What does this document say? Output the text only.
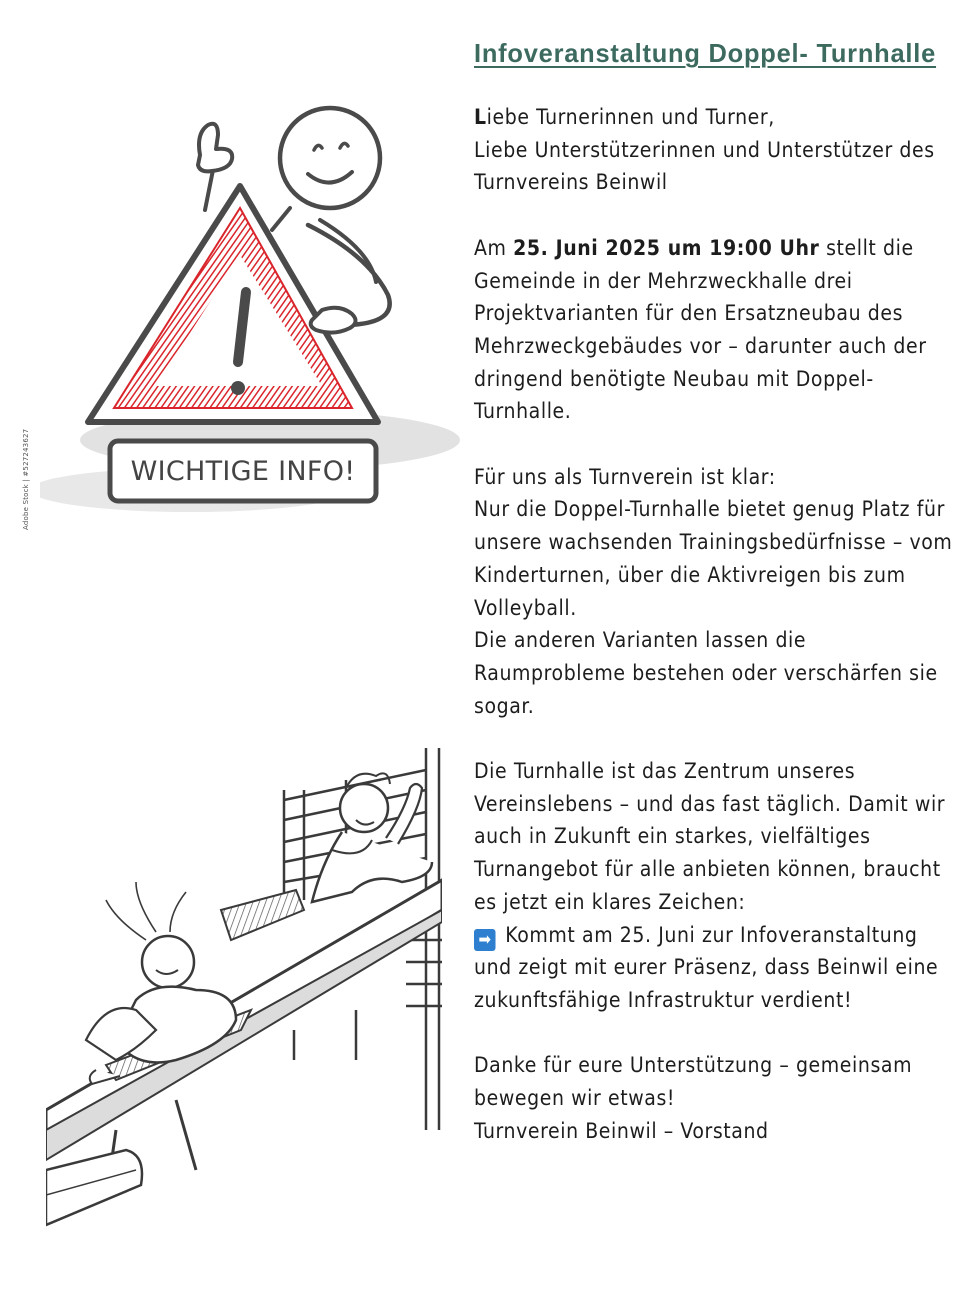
WICHTIGE INFO!
Adobe Stock | #527243627
Infoveranstaltung Doppel- Turnhalle
Liebe Turnerinnen und Turner,
Liebe Unterstützerinnen und Unterstützer des
Turnvereins Beinwil
Am 25. Juni 2025 um 19:00 Uhr stellt die
Gemeinde in der Mehrzweckhalle drei
Projektvarianten für den Ersatzneubau des
Mehrzweckgebäudes vor – darunter auch der
dringend benötigte Neubau mit Doppel-
Turnhalle.
Für uns als Turnverein ist klar:
Nur die Doppel-Turnhalle bietet genug Platz für
unsere wachsenden Trainingsbedürfnisse – vom
Kinderturnen, über die Aktivreigen bis zum
Volleyball.
Die anderen Varianten lassen die
Raumprobleme bestehen oder verschärfen sie
sogar.
Die Turnhalle ist das Zentrum unseres
Vereinslebens – und das fast täglich. Damit wir
auch in Zukunft ein starkes, vielfältiges
Turnangebot für alle anbieten können, braucht
es jetzt ein klares Zeichen:
➡ Kommt am 25. Juni zur Infoveranstaltung
und zeigt mit eurer Präsenz, dass Beinwil eine
zukunftsfähige Infrastruktur verdient!
Danke für eure Unterstützung – gemeinsam
bewegen wir etwas!
Turnverein Beinwil – Vorstand
